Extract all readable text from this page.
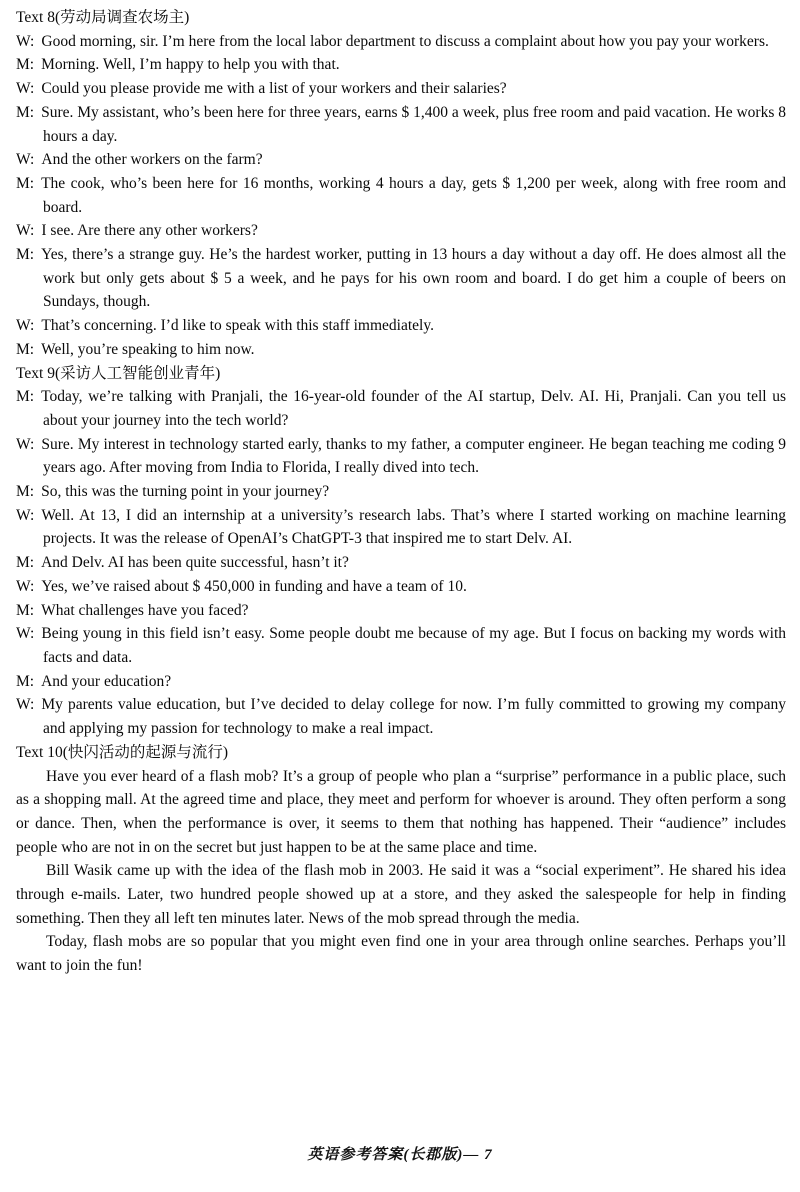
Text 8(劳动局调查农场主)
W: Good morning, sir. I’m here from the local labor department to discuss a complaint about how you pay your workers.
M: Morning. Well, I’m happy to help you with that.
W: Could you please provide me with a list of your workers and their salaries?
M: Sure. My assistant, who’s been here for three years, earns $ 1,400 a week, plus free room and paid vacation. He works 8 hours a day.
W: And the other workers on the farm?
M: The cook, who’s been here for 16 months, working 4 hours a day, gets $ 1,200 per week, along with free room and board.
W: I see. Are there any other workers?
M: Yes, there’s a strange guy. He’s the hardest worker, putting in 13 hours a day without a day off. He does almost all the work but only gets about $ 5 a week, and he pays for his own room and board. I do get him a couple of beers on Sundays, though.
W: That’s concerning. I’d like to speak with this staff immediately.
M: Well, you’re speaking to him now.
Text 9(采访人工智能创业青年)
M: Today, we’re talking with Pranjali, the 16-year-old founder of the AI startup, Delv. AI. Hi, Pranjali. Can you tell us about your journey into the tech world?
W: Sure. My interest in technology started early, thanks to my father, a computer engineer. He began teaching me coding 9 years ago. After moving from India to Florida, I really dived into tech.
M: So, this was the turning point in your journey?
W: Well. At 13, I did an internship at a university’s research labs. That’s where I started working on machine learning projects. It was the release of OpenAI’s ChatGPT-3 that inspired me to start Delv. AI.
M: And Delv. AI has been quite successful, hasn’t it?
W: Yes, we’ve raised about $ 450,000 in funding and have a team of 10.
M: What challenges have you faced?
W: Being young in this field isn’t easy. Some people doubt me because of my age. But I focus on backing my words with facts and data.
M: And your education?
W: My parents value education, but I’ve decided to delay college for now. I’m fully committed to growing my company and applying my passion for technology to make a real impact.
Text 10(快闪活动的起源与流行)
Have you ever heard of a flash mob? It’s a group of people who plan a “surprise” performance in a public place, such as a shopping mall. At the agreed time and place, they meet and perform for whoever is around. They often perform a song or dance. Then, when the performance is over, it seems to them that nothing has happened. Their “audience” includes people who are not in on the secret but just happen to be at the same place and time.
Bill Wasik came up with the idea of the flash mob in 2003. He said it was a “social experiment”. He shared his idea through e-mails. Later, two hundred people showed up at a store, and they asked the salespeople for help in finding something. Then they all left ten minutes later. News of the mob spread through the media.
Today, flash mobs are so popular that you might even find one in your area through online searches. Perhaps you’ll want to join the fun!
英语参考答案(长郡版)— 7
